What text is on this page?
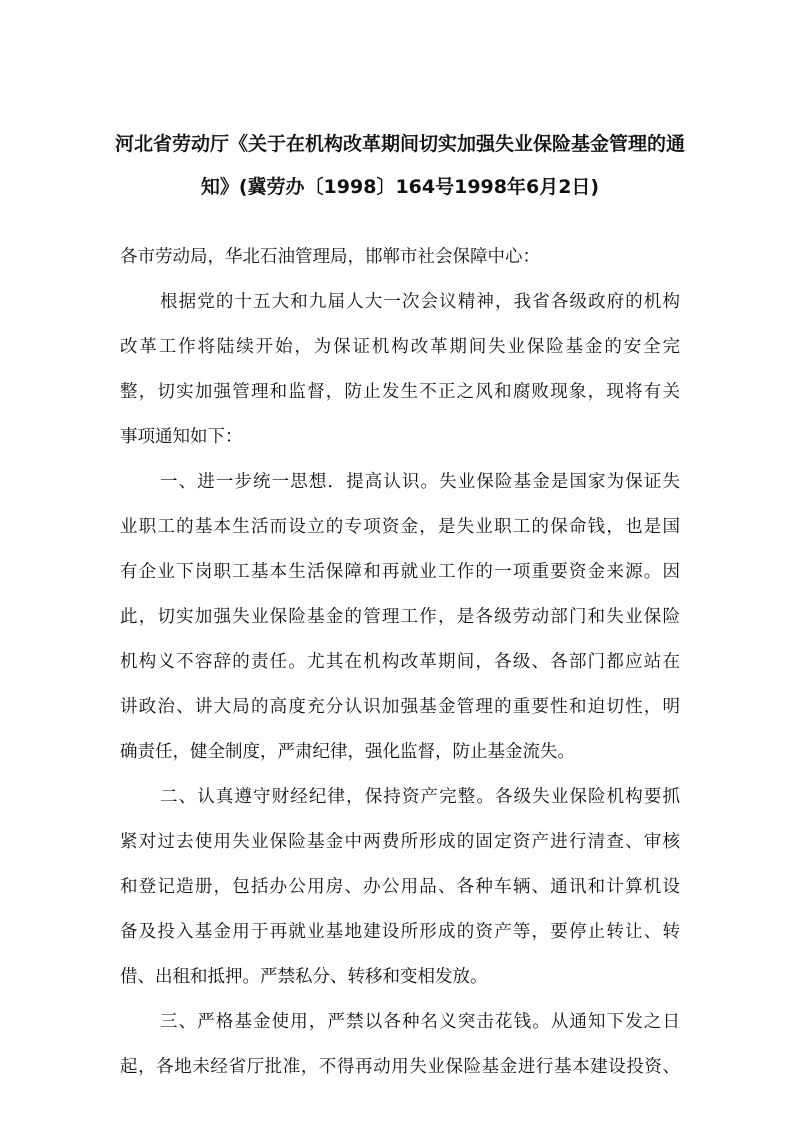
河北省劳动厅《关于在机构改革期间切实加强失业保险基金管理的通
知》(冀劳办〔1998〕164号1998年6月2日)
各市劳动局，华北石油管理局，邯郸市社会保障中心：
根据党的十五大和九届人大一次会议精神，我省各级政府的机构
改革工作将陆续开始，为保证机构改革期间失业保险基金的安全完
整，切实加强管理和监督，防止发生不正之风和腐败现象，现将有关
事项通知如下：
一、进一步统一思想．提高认识。失业保险基金是国家为保证失
业职工的基本生活而设立的专项资金，是失业职工的保命钱，也是国
有企业下岗职工基本生活保障和再就业工作的一项重要资金来源。因
此，切实加强失业保险基金的管理工作，是各级劳动部门和失业保险
机构义不容辞的责任。尤其在机构改革期间，各级、各部门都应站在
讲政治、讲大局的高度充分认识加强基金管理的重要性和迫切性，明
确责任，健全制度，严肃纪律，强化监督，防止基金流失。
二、认真遵守财经纪律，保持资产完整。各级失业保险机构要抓
紧对过去使用失业保险基金中两费所形成的固定资产进行清查、审核
和登记造册，包括办公用房、办公用品、各种车辆、通讯和计算机设
备及投入基金用于再就业基地建设所形成的资产等，要停止转让、转
借、出租和抵押。严禁私分、转移和变相发放。
三、严格基金使用，严禁以各种名义突击花钱。从通知下发之日
起，各地未经省厅批准，不得再动用失业保险基金进行基本建设投资、
